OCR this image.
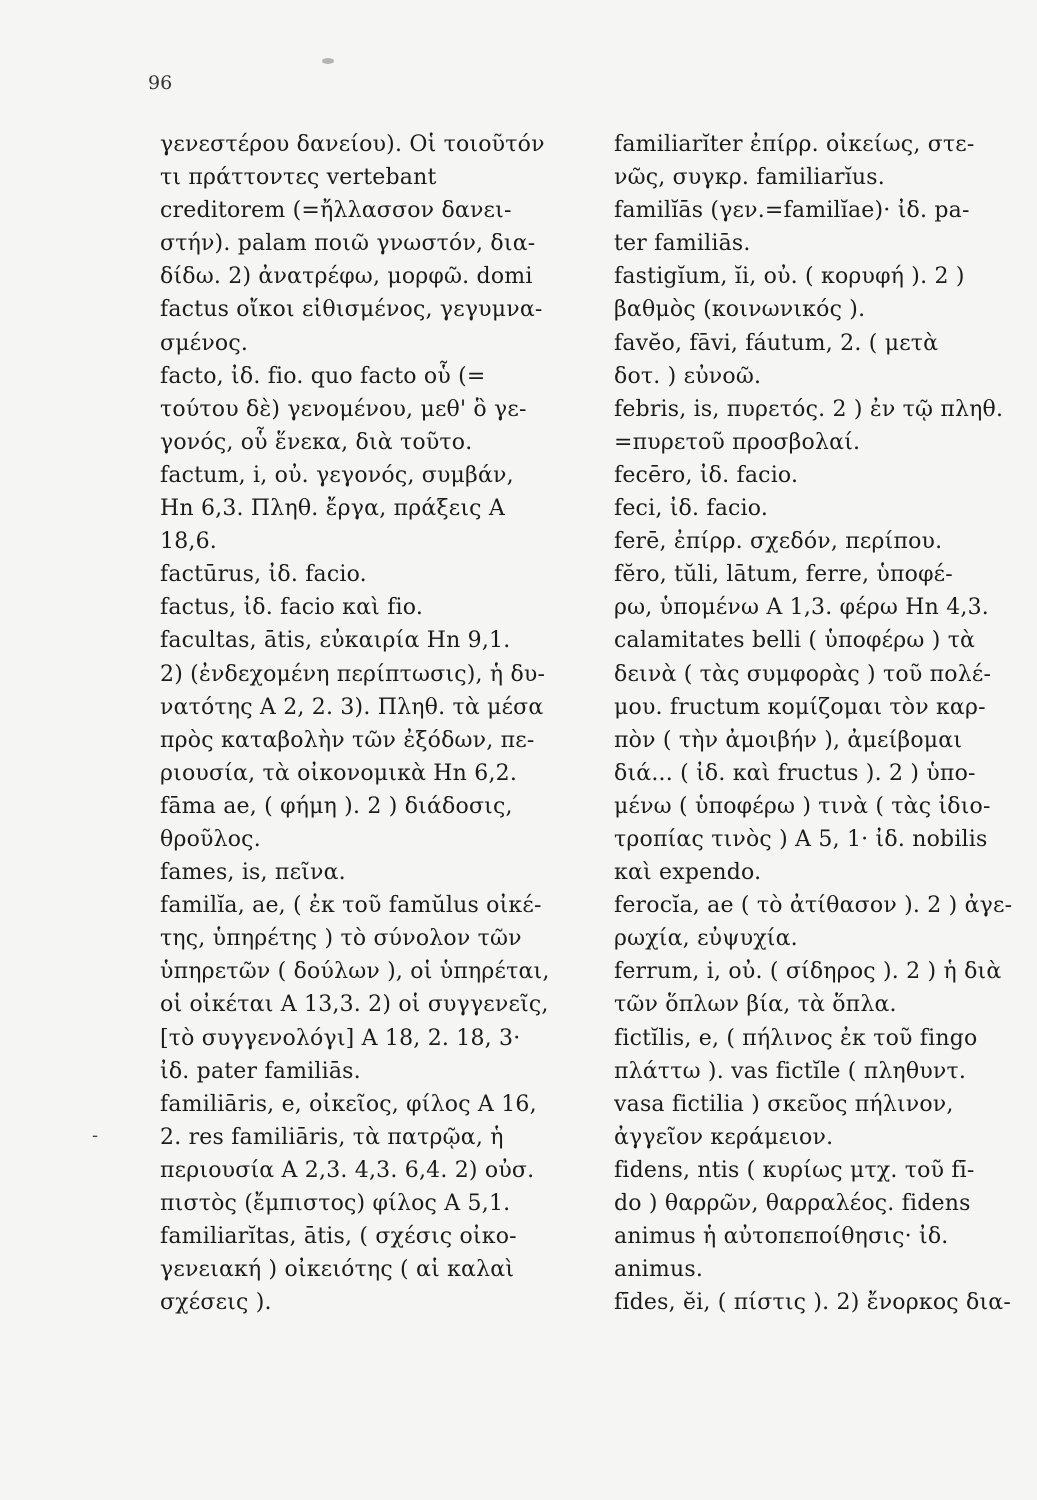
96
-
γενεστέρου δανείου). Οἱ τοιοῦτόν
τι πράττοντες vertebant
creditorem (=ἤλλασσον δανει-
στήν). palam ποιῶ γνωστόν, δια-
δίδω. 2) ἀνατρέφω, μορφῶ. domi
factus οἴκοι εἰθισμένος, γεγυμνα-
σμένος.
facto, ἰδ. fio. quo facto οὗ (=
τούτου δὲ) γενομένου, μεθ' ὃ γε-
γονός, οὗ ἕνεκα, διὰ τοῦτο.
factum, i, οὐ. γεγονός, συμβάν,
Hn 6,3. Πληθ. ἔργα, πράξεις A
18,6.
factūrus, ἰδ. facio.
factus, ἰδ. facio καὶ fio.
facultas, ātis, εὐκαιρία Hn 9,1.
2) (ἐνδεχομένη περίπτωσις), ἡ δυ-
νατότης A 2, 2. 3). Πληθ. τὰ μέσα
πρὸς καταβολὴν τῶν ἐξόδων, πε-
ριουσία, τὰ οἰκονομικὰ Hn 6,2.
fāma ae, ( φήμη ). 2 ) διάδοσις,
θροῦλος.
fames, is, πεῖνα.
familĭa, ae, ( ἐκ τοῦ famŭlus οἰκέ-
της, ὑπηρέτης ) τὸ σύνολον τῶν
ὑπηρετῶν ( δούλων ), οἱ ὑπηρέται,
οἱ οἰκέται A 13,3. 2) οἱ συγγενεῖς,
[τὸ συγγενολόγι] A 18, 2. 18, 3·
ἰδ. pater familiās.
familiāris, e, οἰκεῖος, φίλος A 16,
2. res familiāris, τὰ πατρῷα, ἡ
περιουσία A 2,3. 4,3. 6,4. 2) οὐσ.
πιστὸς (ἔμπιστος) φίλος A 5,1.
familiarĭtas, ātis, ( σχέσις οἰκο-
γενειακή ) οἰκειότης ( αἱ καλαὶ
σχέσεις ).
familiarĭter ἐπίρρ. οἰκείως, στε-
νῶς, συγκρ. familiarĭus.
familĭās (γεν.=familĭae)· ἰδ. pa-
ter familiās.
fastigĭum, ĭi, οὐ. ( κορυφή ). 2 )
βαθμὸς (κοινωνικός ).
favĕo, fāvi, fáutum, 2. ( μετὰ
δοτ. ) εὐνοῶ.
febris, is, πυρετός. 2 ) ἐν τῷ πληθ.
=πυρετοῦ προσβολαί.
fecēro, ἰδ. facio.
feci, ἰδ. facio.
ferē, ἐπίρρ. σχεδόν, περίπου.
fĕro, tŭli, lātum, ferre, ὑποφέ-
ρω, ὑπομένω A 1,3. φέρω Hn 4,3.
calamitates belli ( ὑποφέρω ) τὰ
δεινὰ ( τὰς συμφορὰς ) τοῦ πολέ-
μου. fructum κομίζομαι τὸν καρ-
πὸν ( τὴν ἀμοιβήν ), ἀμείβομαι
διά... ( ἰδ. καὶ fructus ). 2 ) ὑπο-
μένω ( ὑποφέρω ) τινὰ ( τὰς ἰδιο-
τροπίας τινὸς ) A 5, 1· ἰδ. nobilis
καὶ expendo.
ferocĭa, ae ( τὸ ἀτίθασον ). 2 ) ἀγε-
ρωχία, εὐψυχία.
ferrum, i, οὐ. ( σίδηρος ). 2 ) ἡ διὰ
τῶν ὅπλων βία, τὰ ὅπλα.
fictĭlis, e, ( πήλινος ἐκ τοῦ fingo
πλάττω ). vas fictĭle ( πληθυντ.
vasa fictilia ) σκεῦος πήλινον,
ἀγγεῖον κεράμειον.
fidens, ntis ( κυρίως μτχ. τοῦ fī-
do ) θαρρῶν, θαρραλέος. fidens
animus ἡ αὐτοπεποίθησις· ἰδ.
animus.
fīdes, ĕi, ( πίστις ). 2) ἔνορκος δια-
